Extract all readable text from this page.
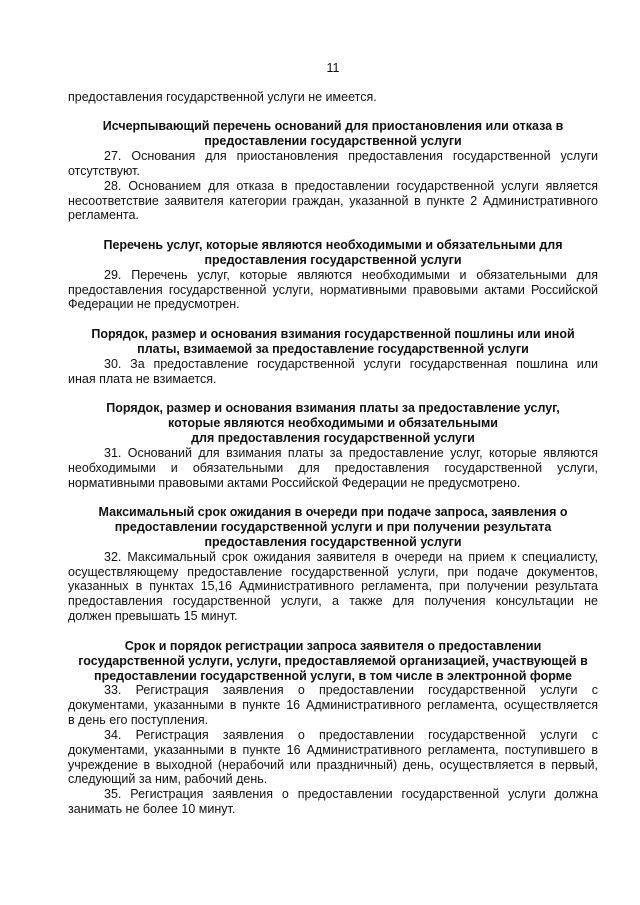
11
предоставления государственной услуги не имеется.
Исчерпывающий перечень оснований для приостановления или отказа в
предоставлении государственной услуги
27. Основания для приостановления предоставления государственной услуги
отсутствуют.
28. Основанием для отказа в предоставлении государственной услуги является
несоответствие заявителя категории граждан, указанной в пункте 2 Административного
регламента.
Перечень услуг, которые являются необходимыми и обязательными для
предоставления государственной услуги
29. Перечень услуг, которые являются необходимыми и обязательными для
предоставления государственной услуги, нормативными правовыми актами Российской
Федерации не предусмотрен.
Порядок, размер и основания взимания государственной пошлины или иной
платы, взимаемой за предоставление государственной услуги
30. За предоставление государственной услуги государственная пошлина или
иная плата не взимается.
Порядок, размер и основания взимания платы за предоставление услуг,
которые являются необходимыми и обязательными
для предоставления государственной услуги
31. Оснований для взимания платы за предоставление услуг, которые являются
необходимыми и обязательными для предоставления государственной услуги,
нормативными правовыми актами Российской Федерации не предусмотрено.
Максимальный срок ожидания в очереди при подаче запроса, заявления о
предоставлении государственной услуги и при получении результата
предоставления государственной услуги
32. Максимальный срок ожидания заявителя в очереди на прием к специалисту,
осуществляющему предоставление государственной услуги, при подаче документов,
указанных в пунктах 15,16 Административного регламента, при получении результата
предоставления государственной услуги, а также для получения консультации не
должен превышать 15 минут.
Срок и порядок регистрации запроса заявителя о предоставлении
государственной услуги, услуги, предоставляемой организацией, участвующей в
предоставлении государственной услуги, в том числе в электронной форме
33. Регистрация заявления о предоставлении государственной услуги с
документами, указанными в пункте 16 Административного регламента, осуществляется
в день его поступления.
34. Регистрация заявления о предоставлении государственной услуги с
документами, указанными в пункте 16 Административного регламента, поступившего в
учреждение в выходной (нерабочий или праздничный) день, осуществляется в первый,
следующий за ним, рабочий день.
35. Регистрация заявления о предоставлении государственной услуги должна
занимать не более 10 минут.
